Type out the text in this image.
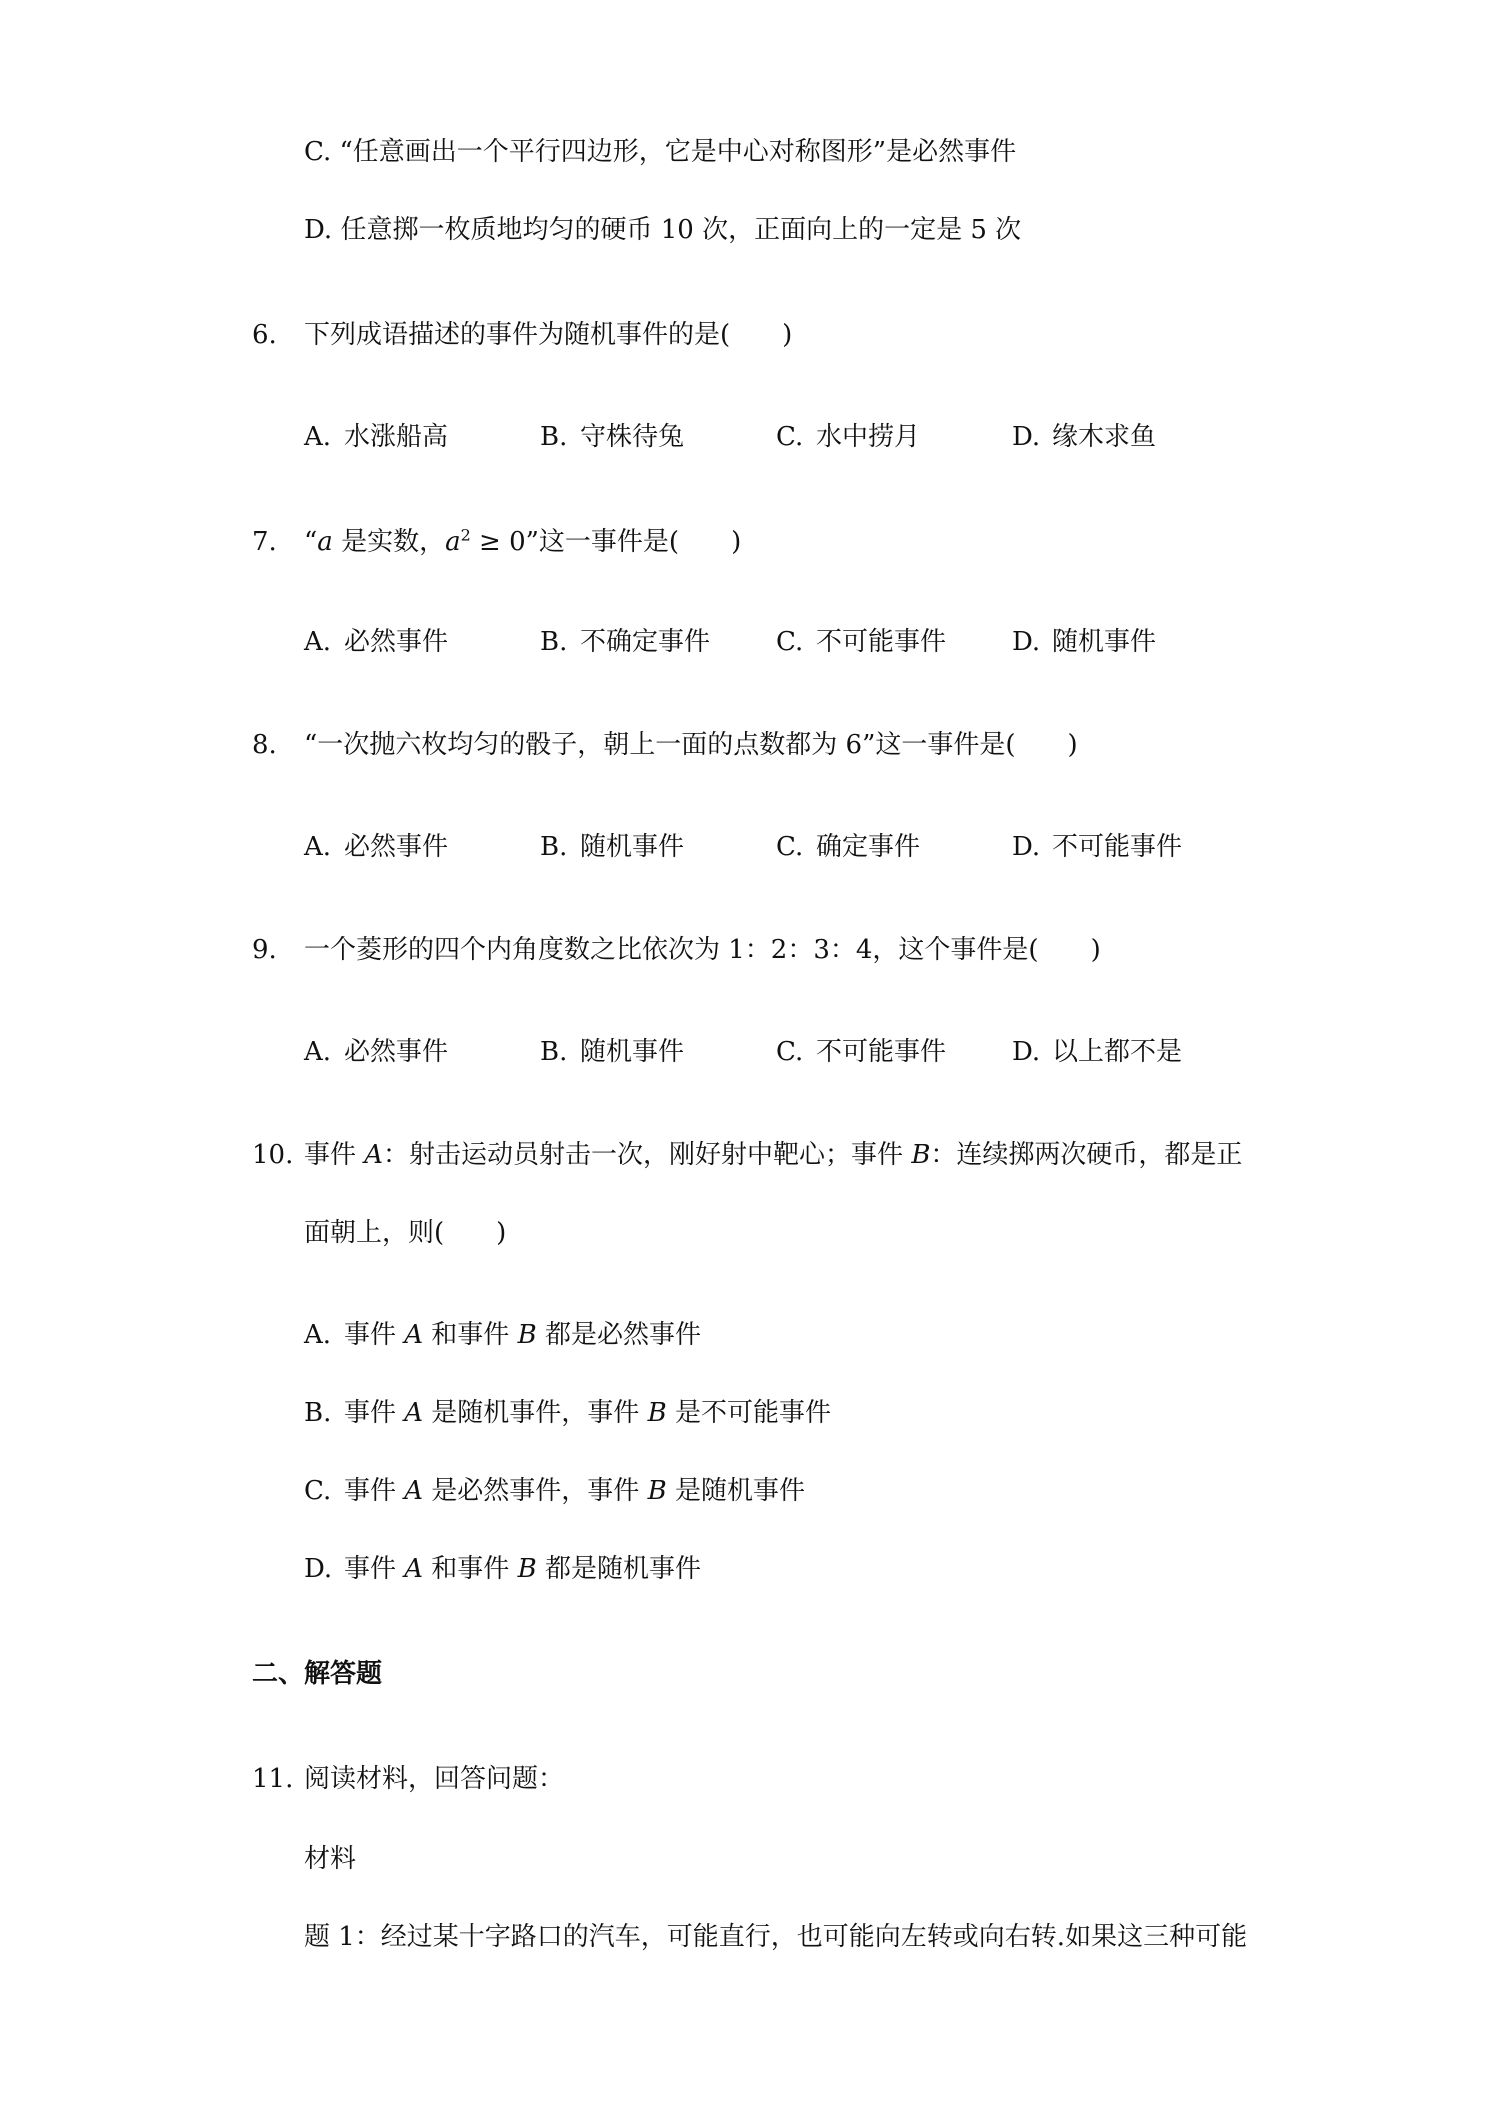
C. “任意画出一个平行四边形，它是中心对称图形”是必然事件
D. 任意掷一枚质地均匀的硬币 10 次，正面向上的一定是 5 次
6. 下列成语描述的事件为随机事件的是(　　)
A. 水涨船高	B. 守株待兔	C. 水中捞月	D. 缘木求鱼
7. “a 是实数，$a^2 \ge 0$”这一事件是(　　)
A. 必然事件	B. 不确定事件	C. 不可能事件	D. 随机事件
8. “一次抛六枚均匀的骰子，朝上一面的点数都为 6”这一事件是(　　)
A. 必然事件	B. 随机事件	C. 确定事件	D. 不可能事件
9. 一个菱形的四个内角度数之比依次为 1：2：3：4，这个事件是(　　)
A. 必然事件	B. 随机事件	C. 不可能事件	D. 以上都不是
10. 事件 A：射击运动员射击一次，刚好射中靶心；事件 B：连续掷两次硬币，都是正
面朝上，则(　　)
A. 事件 A 和事件 B 都是必然事件
B. 事件 A 是随机事件，事件 B 是不可能事件
C. 事件 A 是必然事件，事件 B 是随机事件
D. 事件 A 和事件 B 都是随机事件
二、解答题
11. 阅读材料，回答问题：
材料
题 1：经过某十字路口的汽车，可能直行，也可能向左转或向右转.如果这三种可能
